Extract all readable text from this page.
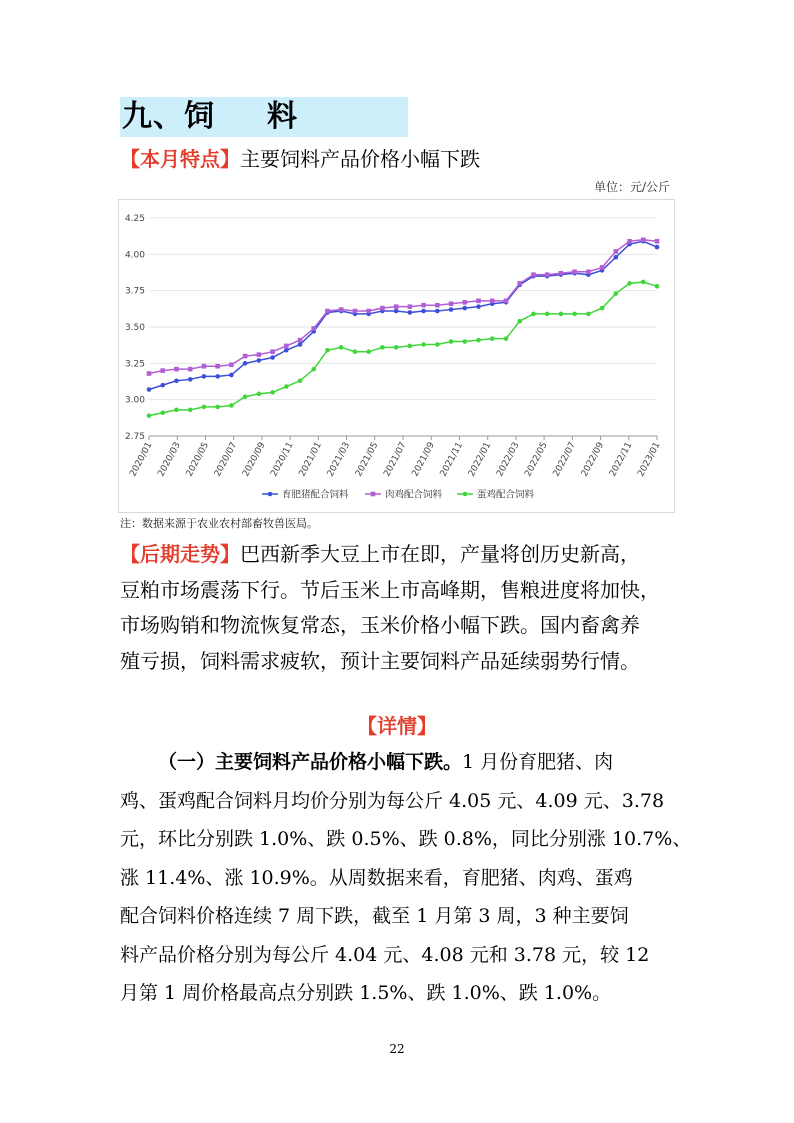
九、饲 料
【本月特点】主要饲料产品价格小幅下跌
单位：元/公斤
2.75
3.00
3.25
3.50
3.75
4.00
4.25
2020/01 2020/03 2020/05 2020/07 2020/09 2020/11 2021/01 2021/03 2021/05 2021/07 2021/09 2021/11 2022/01 2022/03 2022/05 2022/07 2022/09 2022/11 2023/01
育肥猪配合饲料	肉鸡配合饲料	蛋鸡配合饲料
注：数据来源于农业农村部畜牧兽医局。
【后期走势】巴西新季大豆上市在即，产量将创历史新高，
豆粕市场震荡下行。节后玉米上市高峰期，售粮进度将加快，
市场购销和物流恢复常态，玉米价格小幅下跌。国内畜禽养
殖亏损，饲料需求疲软，预计主要饲料产品延续弱势行情。
【详情】
（一）主要饲料产品价格小幅下跌。1 月份育肥猪、肉
鸡、蛋鸡配合饲料月均价分别为每公斤 4.05 元、4.09 元、3.78
元，环比分别跌 1.0%、跌 0.5%、跌 0.8%，同比分别涨 10.7%、
涨 11.4%、涨 10.9%。从周数据来看，育肥猪、肉鸡、蛋鸡
配合饲料价格连续 7 周下跌，截至 1 月第 3 周，3 种主要饲
料产品价格分别为每公斤 4.04 元、4.08 元和 3.78 元，较 12
月第 1 周价格最高点分别跌 1.5%、跌 1.0%、跌 1.0%。
22
